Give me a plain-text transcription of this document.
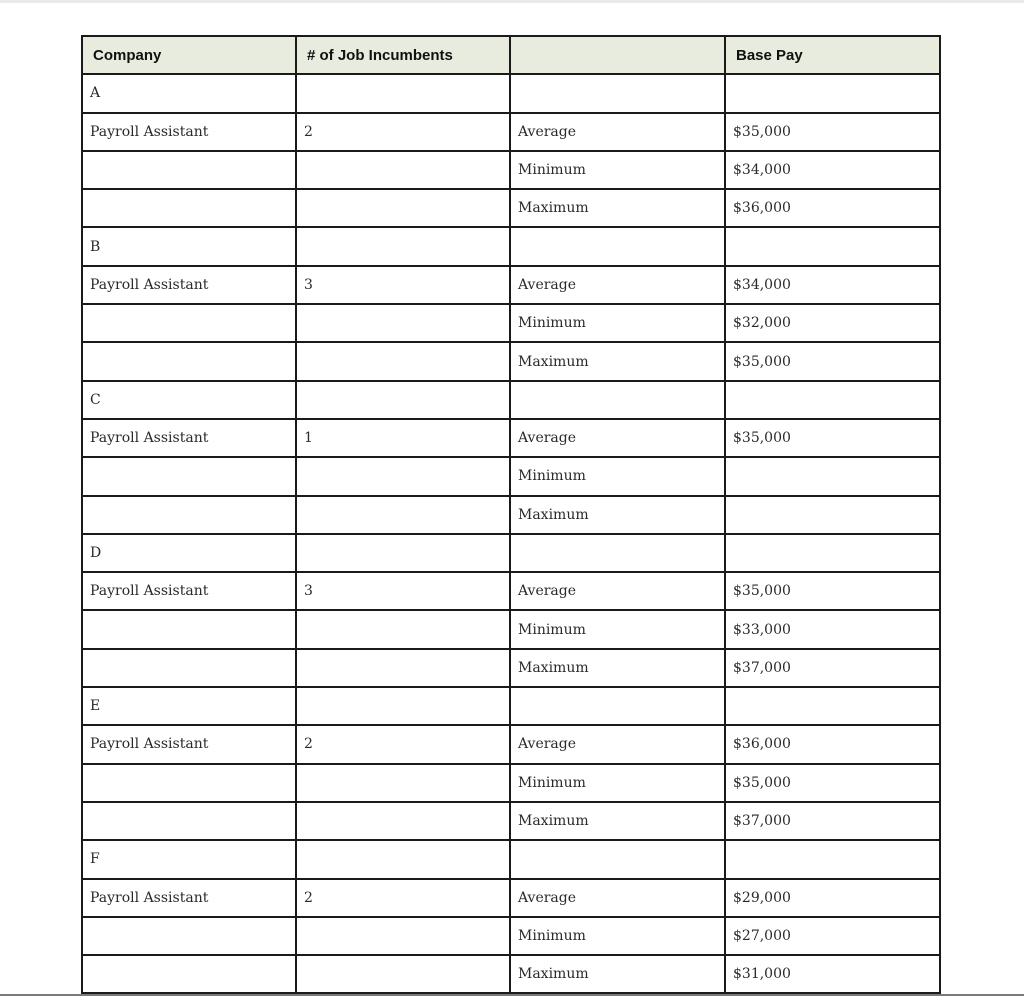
Company	# of Job Incumbents		Base Pay
A			
Payroll Assistant	2	Average	$35,000
		Minimum	$34,000
		Maximum	$36,000
B			
Payroll Assistant	3	Average	$34,000
		Minimum	$32,000
		Maximum	$35,000
C			
Payroll Assistant	1	Average	$35,000
		Minimum	
		Maximum	
D			
Payroll Assistant	3	Average	$35,000
		Minimum	$33,000
		Maximum	$37,000
E			
Payroll Assistant	2	Average	$36,000
		Minimum	$35,000
		Maximum	$37,000
F			
Payroll Assistant	2	Average	$29,000
		Minimum	$27,000
		Maximum	$31,000
